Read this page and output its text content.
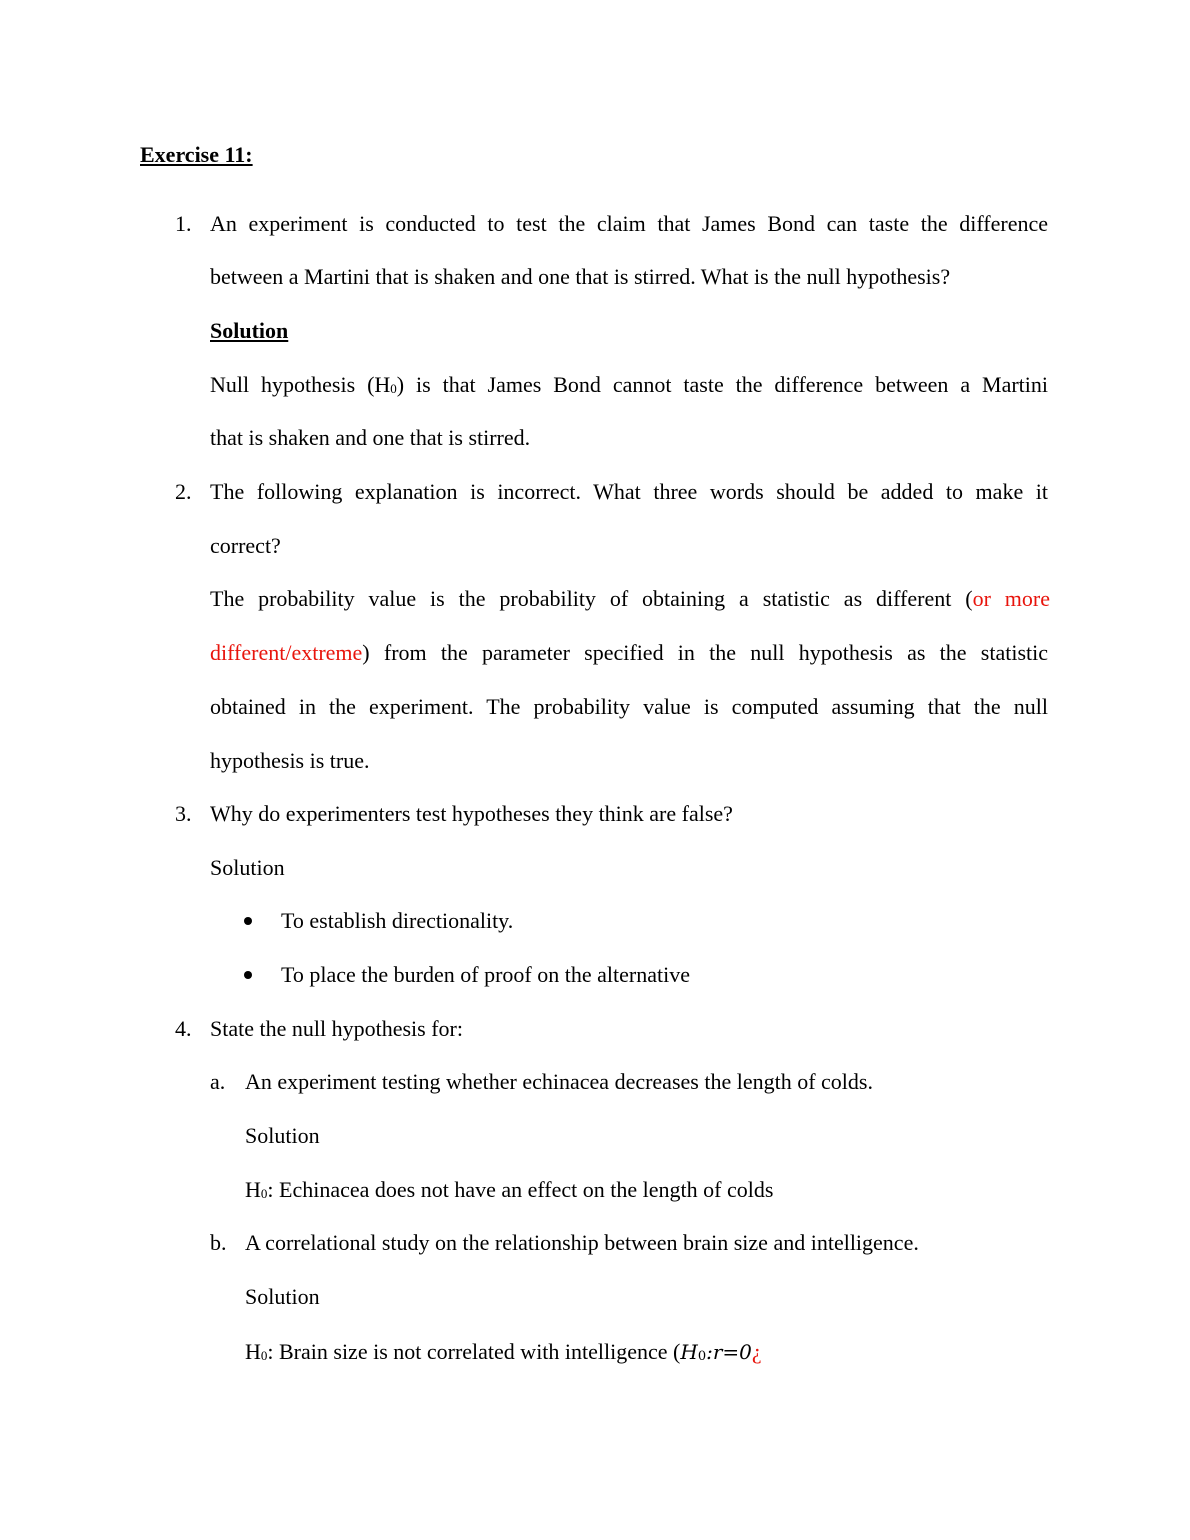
Exercise 11:
1. An experiment is conducted to test the claim that James Bond can taste the difference
between a Martini that is shaken and one that is stirred. What is the null hypothesis?
Solution
Null hypothesis $(H_0)$ is that James Bond cannot taste the difference between a Martini
that is shaken and one that is stirred.
2. The following explanation is incorrect. What three words should be added to make it
correct?
The probability value is the probability of obtaining a statistic as different (or more
different/extreme) from the parameter specified in the null hypothesis as the statistic
obtained in the experiment. The probability value is computed assuming that the null
hypothesis is true.
3. Why do experimenters test hypotheses they think are false?
Solution
To establish directionality.
To place the burden of proof on the alternative
4. State the null hypothesis for:
a. An experiment testing whether echinacea decreases the length of colds.
Solution
$H_0$: Echinacea does not have an effect on the length of colds
b. A correlational study on the relationship between brain size and intelligence.
Solution
$H_0$: Brain size is not correlated with intelligence ($H_0:r=0¿$
